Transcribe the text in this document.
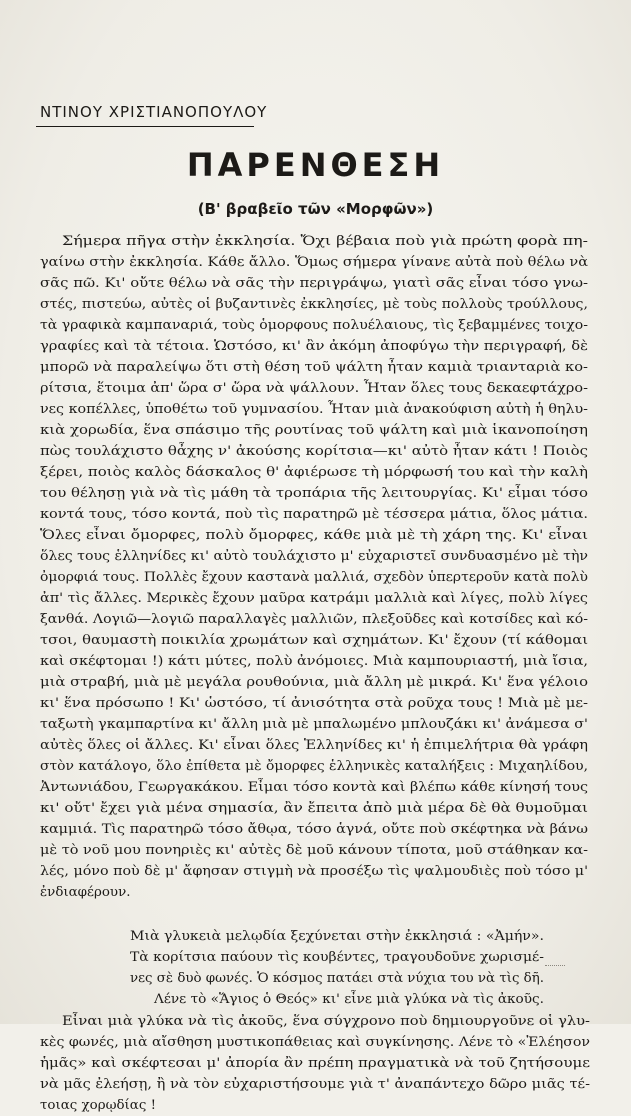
ΝΤΙΝΟΥ ΧΡΙΣΤΙΑΝΟΠΟΥΛΟΥ
ΠΑΡΕΝΘΕΣΗ
(Β' βραβεῖο τῶν «Μορφῶν»)
Σήμερα πῆγα στὴν ἐκκλησία. Ὄχι βέβαια ποὺ γιὰ πρώτη φορὰ πη-
γαίνω στὴν ἐκκλησία. Κάθε ἄλλο. Ὅμως σήμερα γίνανε αὐτὰ ποὺ θέλω νὰ
σᾶς πῶ. Κι' οὔτε θέλω νὰ σᾶς τὴν περιγράψω, γιατὶ σᾶς εἶναι τόσο γνω-
στές, πιστεύω, αὐτὲς οἱ βυζαντινὲς ἐκκλησίες, μὲ τοὺς πολλοὺς τρούλλους,
τὰ γραφικὰ καμπαναριά, τοὺς ὁμορφους πολυέλαιους, τὶς ξεβαμμένες τοιχο-
γραφίες καὶ τὰ τέτοια. Ὡστόσο, κι' ἂν ἀκόμη ἀποφύγω τὴν περιγραφή, δὲ
μπορῶ νὰ παραλείψω ὅτι στὴ θέση τοῦ ψάλτη ἦταν καμιὰ τριανταριὰ κο-
ρίτσια, ἕτοιμα ἀπ' ὥρα σ' ὥρα νὰ ψάλλουν. Ἦταν ὅλες τους δεκαεφτάχρο-
νες κοπέλλες, ὑποθέτω τοῦ γυμνασίου. Ἦταν μιὰ ἀνακούφιση αὐτὴ ἡ θηλυ-
κιὰ χορωδία, ἕνα σπάσιμο τῆς ρουτίνας τοῦ ψάλτη καὶ μιὰ ἱκανοποίηση
πὼς τουλάχιστο θἆχης ν' ἀκούσης κορίτσια—κι' αὐτὸ ἦταν κάτι ! Ποιὸς
ξέρει, ποιὸς καλὸς δάσκαλος θ' ἀφιέρωσε τὴ μόρφωσή του καὶ τὴν καλὴ
του θέλησῃ γιὰ νὰ τὶς μάθη τὰ τροπάρια τῆς λειτουργίας. Κι' εἶμαι τόσο
κοντά τους, τόσο κοντά, ποὺ τὶς παρατηρῶ μὲ τέσσερα μάτια, ὅλος μάτια.
Ὅλες εἶναι ὄμορφες, πολὺ ὄμορφες, κάθε μιὰ μὲ τὴ χάρη της. Κι' εἶναι
ὅλες τους ἑλληνίδες κι' αὐτὸ τουλάχιστο μ' εὐχαριστεῖ συνδυασμένο μὲ τὴν
ὀμορφιά τους. Πολλὲς ἔχουν καστανὰ μαλλιά, σχεδὸν ὑπερτεροῦν κατὰ πολὺ
ἀπ' τὶς ἄλλες. Μερικὲς ἔχουν μαῦρα κατράμι μαλλιὰ καὶ λίγες, πολὺ λίγες
ξανθά. Λογιῶ—λογιῶ παραλλαγὲς μαλλιῶν, πλεξοῦδες καὶ κοτσίδες καὶ κό-
τσοι, θαυμαστὴ ποικιλία χρωμάτων καὶ σχημάτων. Κι' ἔχουν (τί κάθομαι
καὶ σκέφτομαι !) κάτι μύτες, πολὺ ἀνόμοιες. Μιὰ καμπουριαστή, μιὰ ἴσια,
μιὰ στραβή, μιὰ μὲ μεγάλα ρουθούνια, μιὰ ἄλλη μὲ μικρά. Κι' ἕνα γέλοιο
κι' ἕνα πρόσωπο ! Κι' ὡστόσο, τί ἀνισότητα στὰ ροῦχα τους ! Μιὰ μὲ με-
ταξωτὴ γκαμπαρτίνα κι' ἄλλη μιὰ μὲ μπαλωμένο μπλουζάκι κι' ἀνάμεσα σ'
αὐτὲς ὅλες οἱ ἄλλες. Κι' εἶναι ὅλες Ἑλληνίδες κι' ἡ ἐπιμελήτρια θὰ γράφη
στὸν κατάλογο, ὅλο ἐπίθετα μὲ ὄμορφες ἑλληνικὲς καταλήξεις : Μιχαηλίδου,
Ἀντωνιάδου, Γεωργακάκου. Εἶμαι τόσο κοντὰ καὶ βλέπω κάθε κίνησή τους
κι' οὔτ' ἔχει γιὰ μένα σημασία, ἂν ἔπειτα ἀπὸ μιὰ μέρα δὲ θὰ θυμοῦμαι
καμμιά. Τὶς παρατηρῶ τόσο ἄθῳα, τόσο ἁγνά, οὔτε ποὺ σκέφτηκα νὰ βάνω
μὲ τὸ νοῦ μου πονηριὲς κι' αὐτὲς δὲ μοῦ κάνουν τίποτα, μοῦ στάθηκαν κα-
λές, μόνο ποὺ δὲ μ' ἄφησαν στιγμὴ νὰ προσέξω τὶς ψαλμουδιὲς ποὺ τόσο μ'
ἐνδιαφέρουν.
Μιὰ γλυκειὰ μελῳδία ξεχύνεται στὴν ἐκκλησιά : «Ἀμήν».
Τὰ κορίτσια παύουν τὶς κουβέντες, τραγουδοῦνε χωρισμέ-
νες σὲ δυὸ φωνές. Ὁ κόσμος πατάει στὰ νύχια του νὰ τὶς δῆ.
Λένε τὸ «Ἅγιος ὁ Θεός» κι' εἶνε μιὰ γλύκα νὰ τὶς ἀκοῦς.
Εἶναι μιὰ γλύκα νὰ τὶς ἀκοῦς, ἕνα σύγχρονο ποὺ δημιουργοῦνε οἱ γλυ-
κὲς φωνές, μιὰ αἴσθηση μυστικοπάθειας καὶ συγκίνησης. Λένε τὸ «Ἐλέησον
ἡμᾶς» καὶ σκέφτεσαι μ' ἀπορία ἂν πρέπη πραγματικὰ νὰ τοῦ ζητήσουμε
νὰ μᾶς ἐλεήσῃ, ἢ νὰ τὸν εὐχαριστήσουμε γιὰ τ' ἀναπάντεχο δῶρο μιᾶς τέ-
τοιας χορῳδίας !
